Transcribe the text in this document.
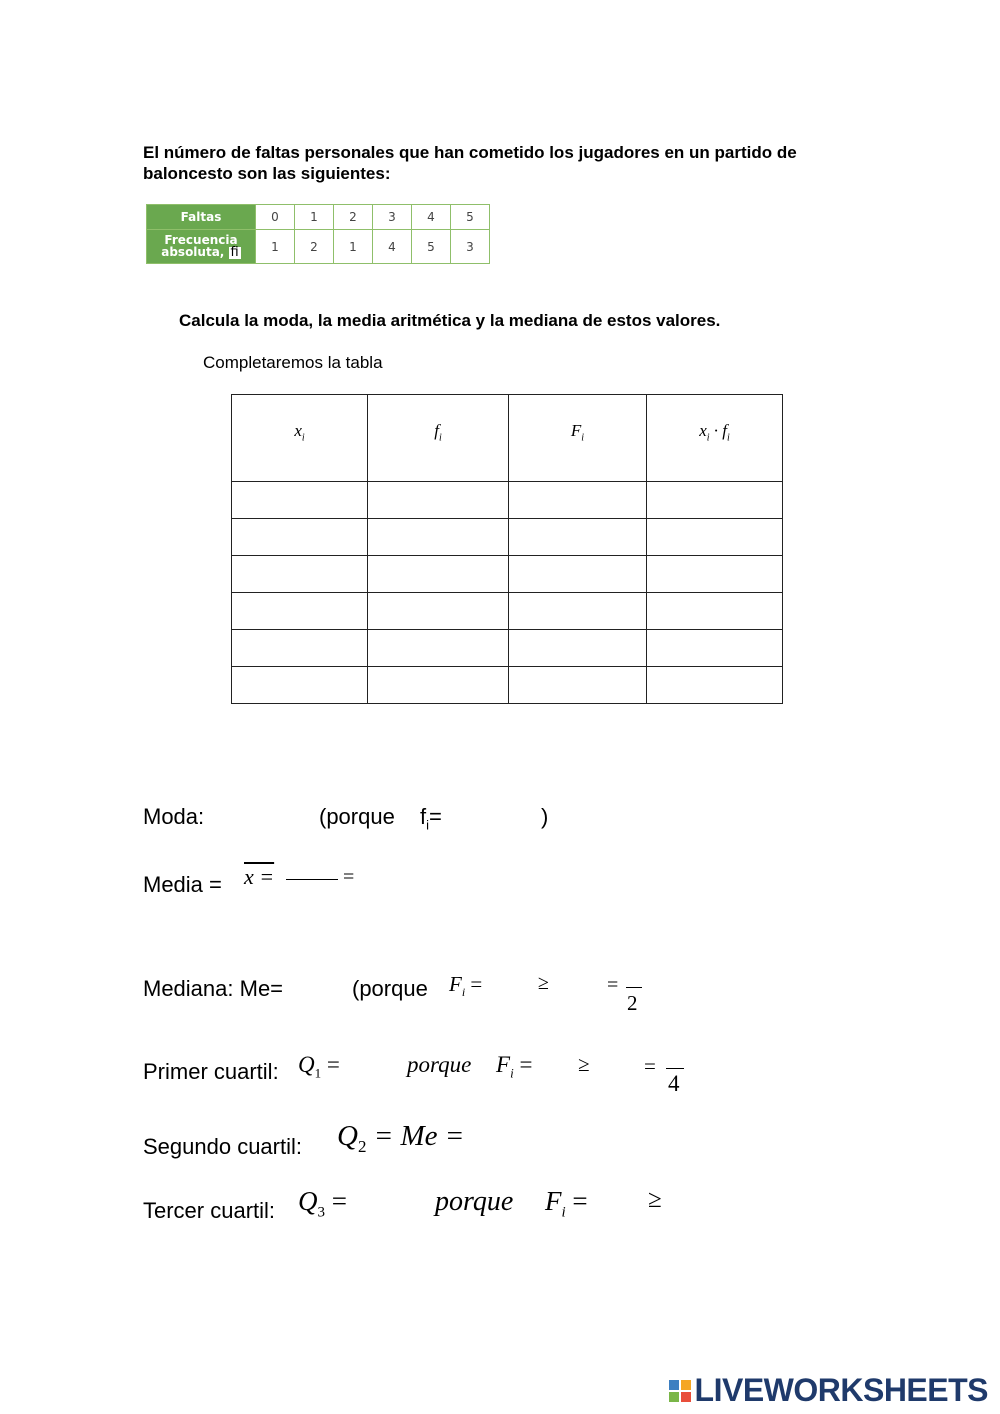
El número de faltas personales que han cometido los jugadores en un partido de baloncesto son las siguientes:
Faltas	0	1	2	3	4	5
Frecuencia
absoluta, fi	1	2	1	4	5	3
Calcula la moda, la media aritmética y la mediana de estos valores.
Completaremos la tabla
$x_i$	$f_i$	$F_i$	$x_i \cdot f_i$

Moda:	(porque $f_i=$	)
Media = x =	=
Mediana: Me=	(porque $F_i$ =	≥	=
2
Primer cuartil: $Q_1$ =	porque $F_i$ = ≥	=
4
Segundo cuartil: $Q_2 = Me$ =
Tercer cuartil: $Q_3$ =	porque $F_i$ = ≥
LIVEWORKSHEETS
